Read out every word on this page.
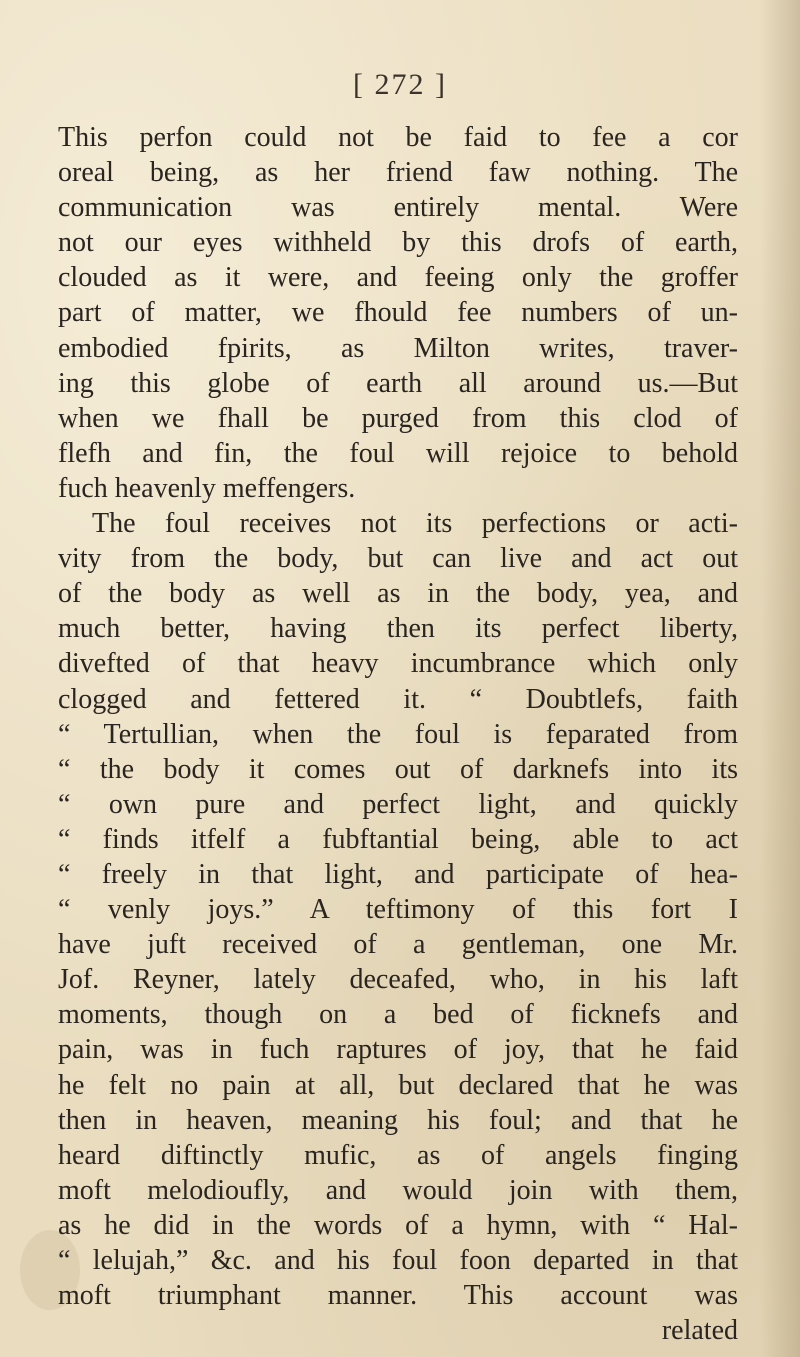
[ 272 ]
This perfon could not be faid to fee a cor
oreal being, as her friend faw nothing. The
communication was entirely mental. Were
not our eyes withheld by this drofs of earth,
clouded as it were, and feeing only the groffer
part of matter, we fhould fee numbers of un-
embodied fpirits, as Milton writes, traver-
ing this globe of earth all around us.—But
when we fhall be purged from this clod of
flefh and fin, the foul will rejoice to behold
fuch heavenly meffengers.
The foul receives not its perfections or acti-
vity from the body, but can live and act out
of the body as well as in the body, yea, and
much better, having then its perfect liberty,
divefted of that heavy incumbrance which only
clogged and fettered it. “ Doubtlefs, faith
“ Tertullian, when the foul is feparated from
“ the body it comes out of darknefs into its
“ own pure and perfect light, and quickly
“ finds itfelf a fubftantial being, able to act
“ freely in that light, and participate of hea-
“ venly joys.” A teftimony of this fort I
have juft received of a gentleman, one Mr.
Jof. Reyner, lately deceafed, who, in his laft
moments, though on a bed of ficknefs and
pain, was in fuch raptures of joy, that he faid
he felt no pain at all, but declared that he was
then in heaven, meaning his foul; and that he
heard diftinctly mufic, as of angels finging
moft melodioufly, and would join with them,
as he did in the words of a hymn, with “ Hal-
“ lelujah,” &c. and his foul foon departed in that
moft triumphant manner. This account was
related
